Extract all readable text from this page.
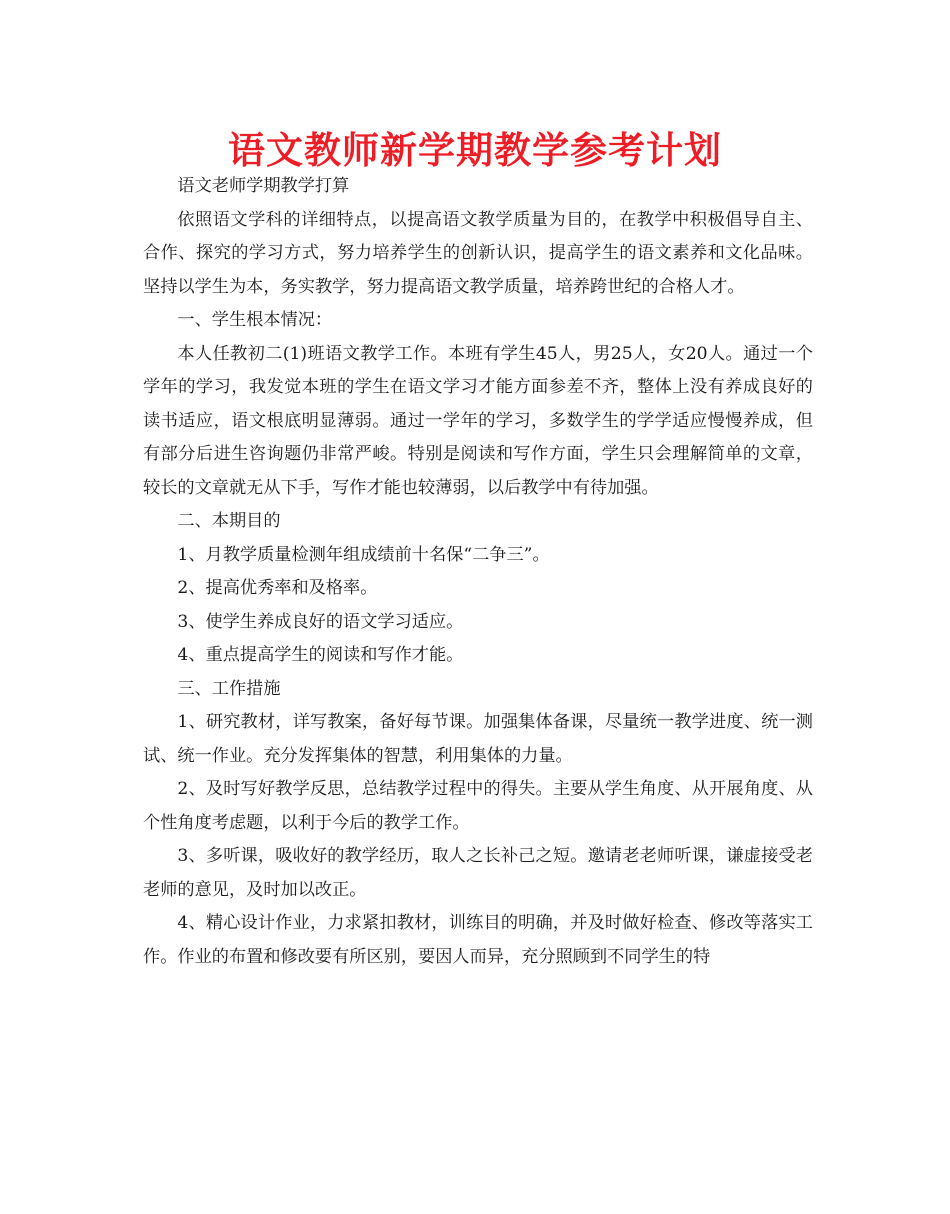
语文教师新学期教学参考计划

语文老师学期教学打算

依照语文学科的详细特点，以提高语文教学质量为目的，在教学中积极倡导自主、合作、探究的学习方式，努力培养学生的创新认识，提高学生的语文素养和文化品味。坚持以学生为本，务实教学，努力提高语文教学质量，培养跨世纪的合格人才。

一、学生根本情况：

本人任教初二(1)班语文教学工作。本班有学生45人，男25人，女20人。通过一个学年的学习，我发觉本班的学生在语文学习才能方面参差不齐，整体上没有养成良好的读书适应，语文根底明显薄弱。通过一学年的学习，多数学生的学学适应慢慢养成，但有部分后进生咨询题仍非常严峻。特别是阅读和写作方面，学生只会理解简单的文章，较长的文章就无从下手，写作才能也较薄弱，以后教学中有待加强。

二、本期目的

1、月教学质量检测年组成绩前十名保“二争三”。

2、提高优秀率和及格率。

3、使学生养成良好的语文学习适应。

4、重点提高学生的阅读和写作才能。

三、工作措施

1、研究教材，详写教案，备好每节课。加强集体备课，尽量统一教学进度、统一测试、统一作业。充分发挥集体的智慧，利用集体的力量。

2、及时写好教学反思，总结教学过程中的得失。主要从学生角度、从开展角度、从个性角度考虑题，以利于今后的教学工作。

3、多听课，吸收好的教学经历，取人之长补己之短。邀请老老师听课，谦虚接受老老师的意见，及时加以改正。

4、精心设计作业，力求紧扣教材，训练目的明确，并及时做好检查、修改等落实工作。作业的布置和修改要有所区别，要因人而异，充分照顾到不同学生的特
